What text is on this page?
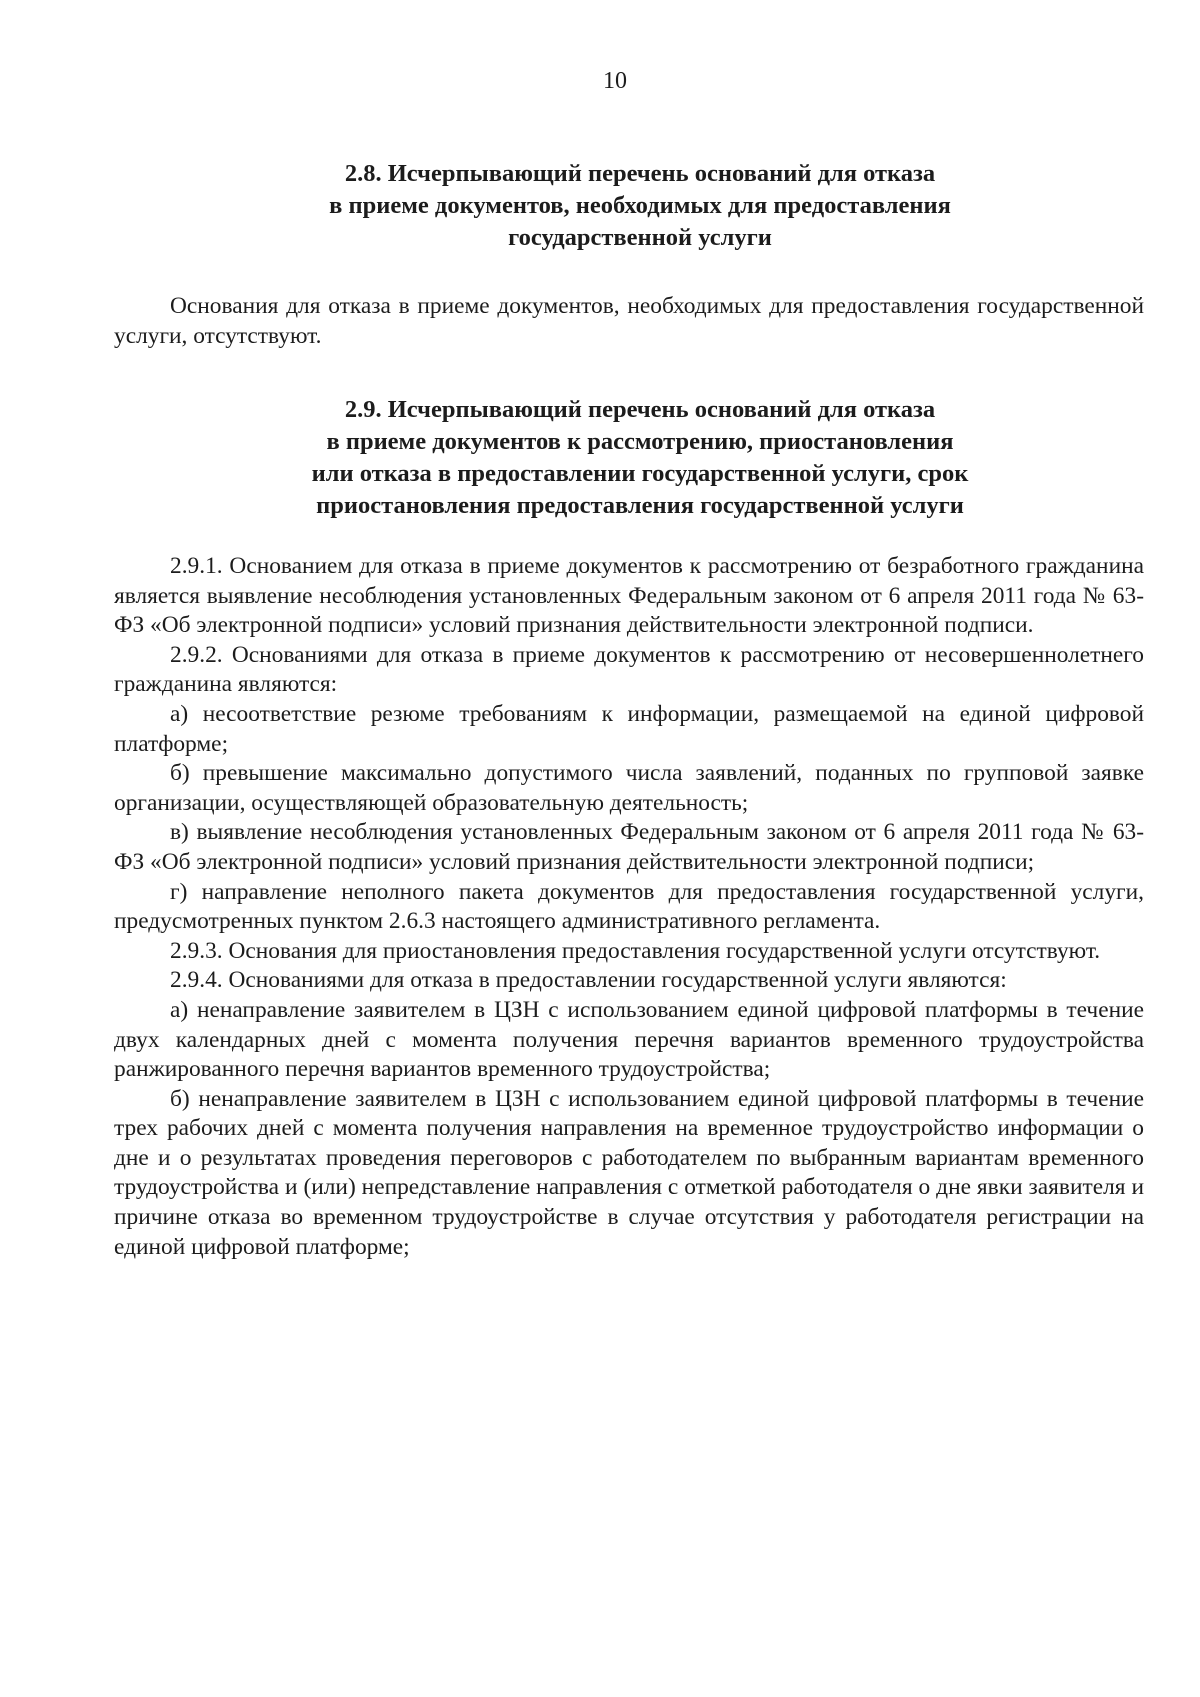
10
2.8. Исчерпывающий перечень оснований для отказа
в приеме документов, необходимых для предоставления
государственной услуги

Основания для отказа в приеме документов, необходимых для предоставления государственной услуги, отсутствуют.

2.9. Исчерпывающий перечень оснований для отказа
в приеме документов к рассмотрению, приостановления
или отказа в предоставлении государственной услуги, срок
приостановления предоставления государственной услуги

2.9.1. Основанием для отказа в приеме документов к рассмотрению от безработного гражданина является выявление несоблюдения установленных Федеральным законом от 6 апреля 2011 года № 63-ФЗ «Об электронной подписи» условий признания действительности электронной подписи.

2.9.2. Основаниями для отказа в приеме документов к рассмотрению от несовершеннолетнего гражданина являются:

а) несоответствие резюме требованиям к информации, размещаемой на единой цифровой платформе;

б) превышение максимально допустимого числа заявлений, поданных по групповой заявке организации, осуществляющей образовательную деятельность;

в) выявление несоблюдения установленных Федеральным законом от 6 апреля 2011 года № 63-ФЗ «Об электронной подписи» условий признания действительности электронной подписи;

г) направление неполного пакета документов для предоставления государственной услуги, предусмотренных пунктом 2.6.3 настоящего административного регламента.

2.9.3. Основания для приостановления предоставления государственной услуги отсутствуют.

2.9.4. Основаниями для отказа в предоставлении государственной услуги являются:

а) ненаправление заявителем в ЦЗН с использованием единой цифровой платформы в течение двух календарных дней с момента получения перечня вариантов временного трудоустройства ранжированного перечня вариантов временного трудоустройства;

б) ненаправление заявителем в ЦЗН с использованием единой цифровой платформы в течение трех рабочих дней с момента получения направления на временное трудоустройство информации о дне и о результатах проведения переговоров с работодателем по выбранным вариантам временного трудоустройства и (или) непредставление направления с отметкой работодателя о дне явки заявителя и причине отказа во временном трудоустройстве в случае отсутствия у работодателя регистрации на единой цифровой платформе;
